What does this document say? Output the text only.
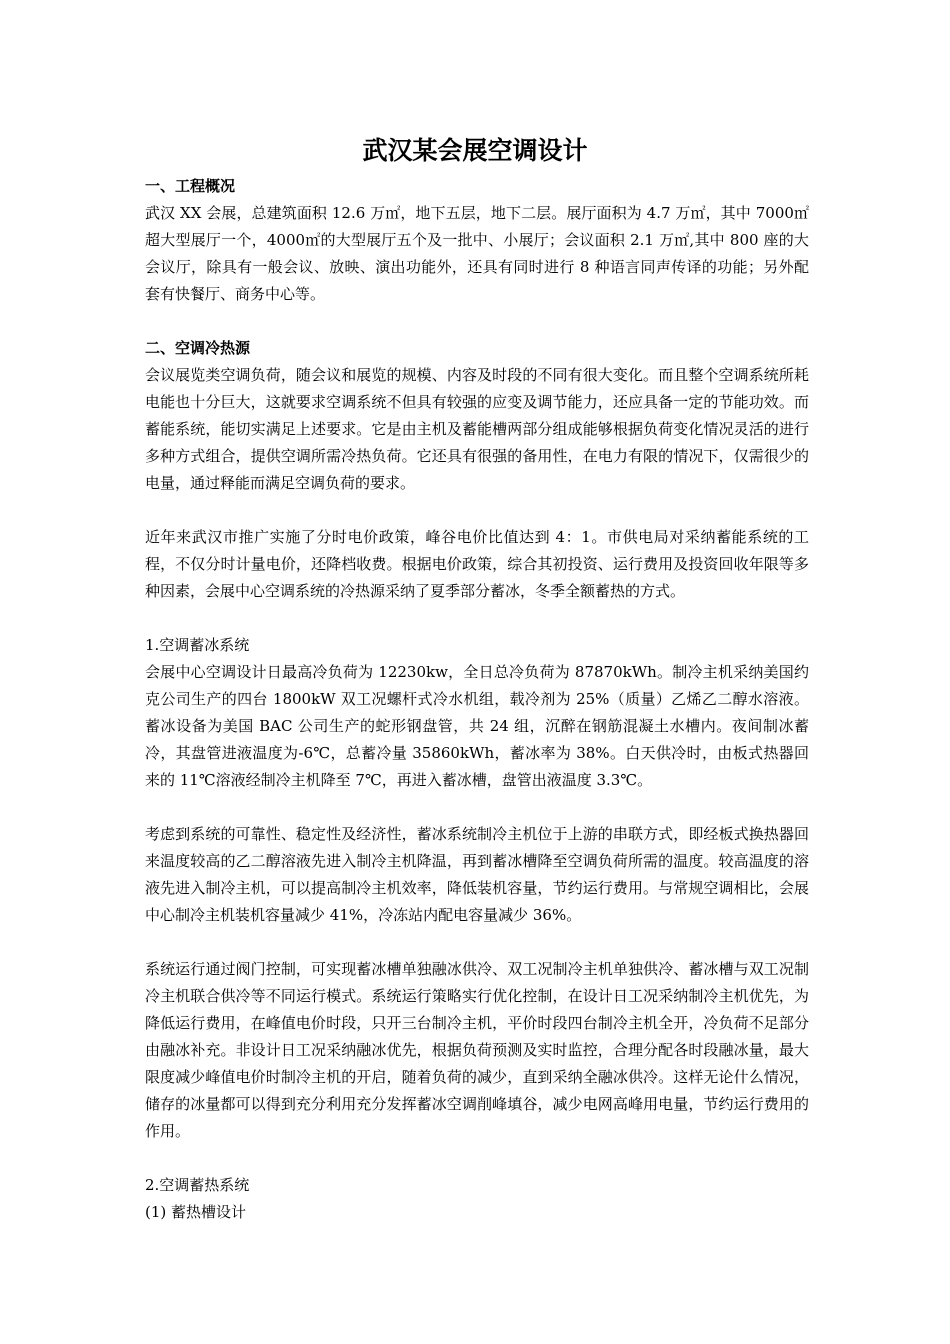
武汉某会展空调设计

一、工程概况

武汉 XX 会展，总建筑面积 12.6 万㎡，地下五层，地下二层。展厅面积为 4.7 万㎡，其中 7000㎡超大型展厅一个，4000㎡的大型展厅五个及一批中、小展厅；会议面积 2.1 万㎡,其中 800 座的大会议厅，除具有一般会议、放映、演出功能外，还具有同时进行 8 种语言同声传译的功能；另外配套有快餐厅、商务中心等。

二、空调冷热源

会议展览类空调负荷，随会议和展览的规模、内容及时段的不同有很大变化。而且整个空调系统所耗电能也十分巨大，这就要求空调系统不但具有较强的应变及调节能力，还应具备一定的节能功效。而蓄能系统，能切实满足上述要求。它是由主机及蓄能槽两部分组成能够根据负荷变化情况灵活的进行多种方式组合，提供空调所需冷热负荷。它还具有很强的备用性，在电力有限的情况下，仅需很少的电量，通过释能而满足空调负荷的要求。

近年来武汉市推广实施了分时电价政策，峰谷电价比值达到 4：1。市供电局对采纳蓄能系统的工程，不仅分时计量电价，还降档收费。根据电价政策，综合其初投资、运行费用及投资回收年限等多种因素，会展中心空调系统的冷热源采纳了夏季部分蓄冰，冬季全额蓄热的方式。

1.空调蓄冰系统

会展中心空调设计日最高冷负荷为 12230kw，全日总冷负荷为 87870kWh。制冷主机采纳美国约克公司生产的四台 1800kW 双工况螺杆式冷水机组，载冷剂为 25%（质量）乙烯乙二醇水溶液。蓄冰设备为美国 BAC 公司生产的蛇形钢盘管，共 24 组，沉醉在钢筋混凝土水槽内。夜间制冰蓄冷，其盘管进液温度为-6℃，总蓄冷量 35860kWh，蓄冰率为 38%。白天供冷时，由板式热器回来的 11℃溶液经制冷主机降至 7℃，再进入蓄冰槽，盘管出液温度 3.3℃。

考虑到系统的可靠性、稳定性及经济性，蓄冰系统制冷主机位于上游的串联方式，即经板式换热器回来温度较高的乙二醇溶液先进入制冷主机降温，再到蓄冰槽降至空调负荷所需的温度。较高温度的溶液先进入制冷主机，可以提高制冷主机效率，降低装机容量，节约运行费用。与常规空调相比，会展中心制冷主机装机容量减少 41%，冷冻站内配电容量减少 36%。

系统运行通过阀门控制，可实现蓄冰槽单独融冰供冷、双工况制冷主机单独供冷、蓄冰槽与双工况制冷主机联合供冷等不同运行模式。系统运行策略实行优化控制，在设计日工况采纳制冷主机优先，为降低运行费用，在峰值电价时段，只开三台制冷主机，平价时段四台制冷主机全开，冷负荷不足部分由融冰补充。非设计日工况采纳融冰优先，根据负荷预测及实时监控，合理分配各时段融冰量，最大限度减少峰值电价时制冷主机的开启，随着负荷的减少，直到采纳全融冰供冷。这样无论什么情况，储存的冰量都可以得到充分利用充分发挥蓄冰空调削峰填谷，减少电网高峰用电量，节约运行费用的作用。

2.空调蓄热系统

(1) 蓄热槽设计
